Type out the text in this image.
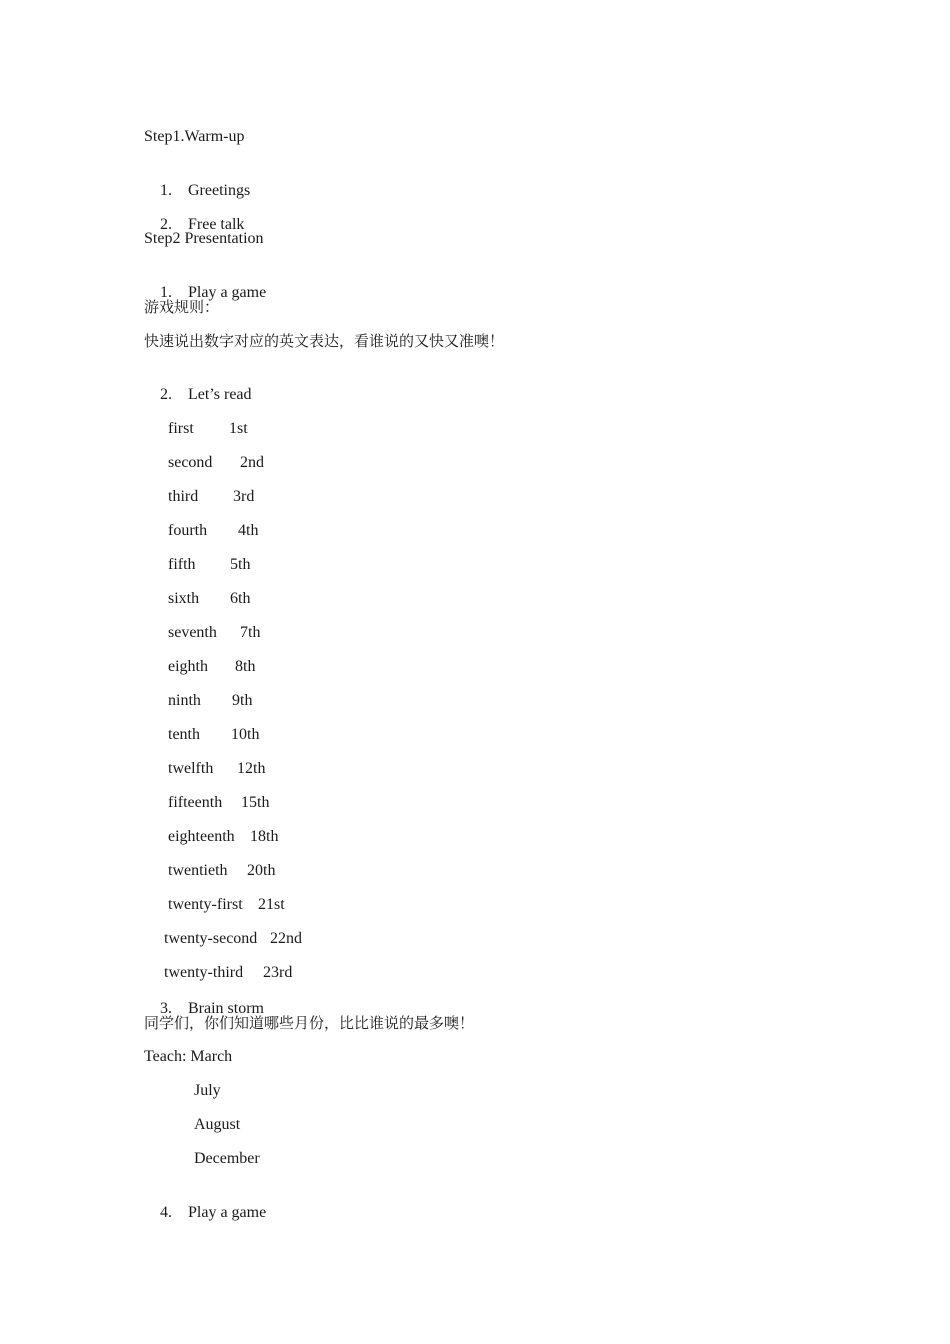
Step1.Warm-up

1. Greetings

2. Free talk

Step2 Presentation

1. Play a game

游戏规则：
快速说出数字对应的英文表达，看谁说的又快又准噢！

2. Let’s read

first 1st

second 2nd

third 3rd

fourth 4th

fifth 5th

sixth 6th

seventh 7th

eighth 8th

ninth 9th

tenth 10th

twelfth 12th

fifteenth 15th

eighteenth 18th

twentieth 20th

twenty-first 21st

twenty-second 22nd

twenty-third 23rd

3. Brain storm

同学们，你们知道哪些月份，比比谁说的最多噢！
Teach: March
July
August
December

4. Play a game
